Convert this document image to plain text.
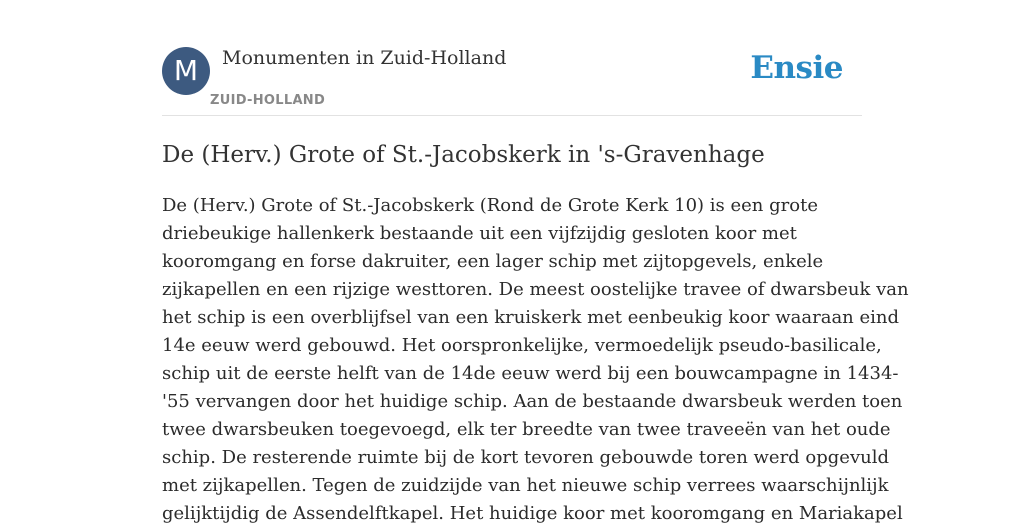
M	Monumenten in Zuid-Holland
ZUID-HOLLAND
Ensie
De (Herv.) Grote of St.-Jacobskerk in 's-Gravenhage
De (Herv.) Grote of St.-Jacobskerk (Rond de Grote Kerk 10) is een grote
driebeukige hallenkerk bestaande uit een vijfzijdig gesloten koor met
kooromgang en forse dakruiter, een lager schip met zijtopgevels, enkele
zijkapellen en een rijzige westtoren. De meest oostelijke travee of dwarsbeuk van
het schip is een overblijfsel van een kruiskerk met eenbeukig koor waaraan eind
14e eeuw werd gebouwd. Het oorspronkelijke, vermoedelijk pseudo-basilicale,
schip uit de eerste helft van de 14de eeuw werd bij een bouwcampagne in 1434-
'55 vervangen door het huidige schip. Aan de bestaande dwarsbeuk werden toen
twee dwarsbeuken toegevoegd, elk ter breedte van twee traveeën van het oude
schip. De resterende ruimte bij de kort tevoren gebouwde toren werd opgevuld
met zijkapellen. Tegen de zuidzijde van het nieuwe schip verrees waarschijnlijk
gelijktijdig de Assendelftkapel. Het huidige koor met kooromgang en Mariakapel
